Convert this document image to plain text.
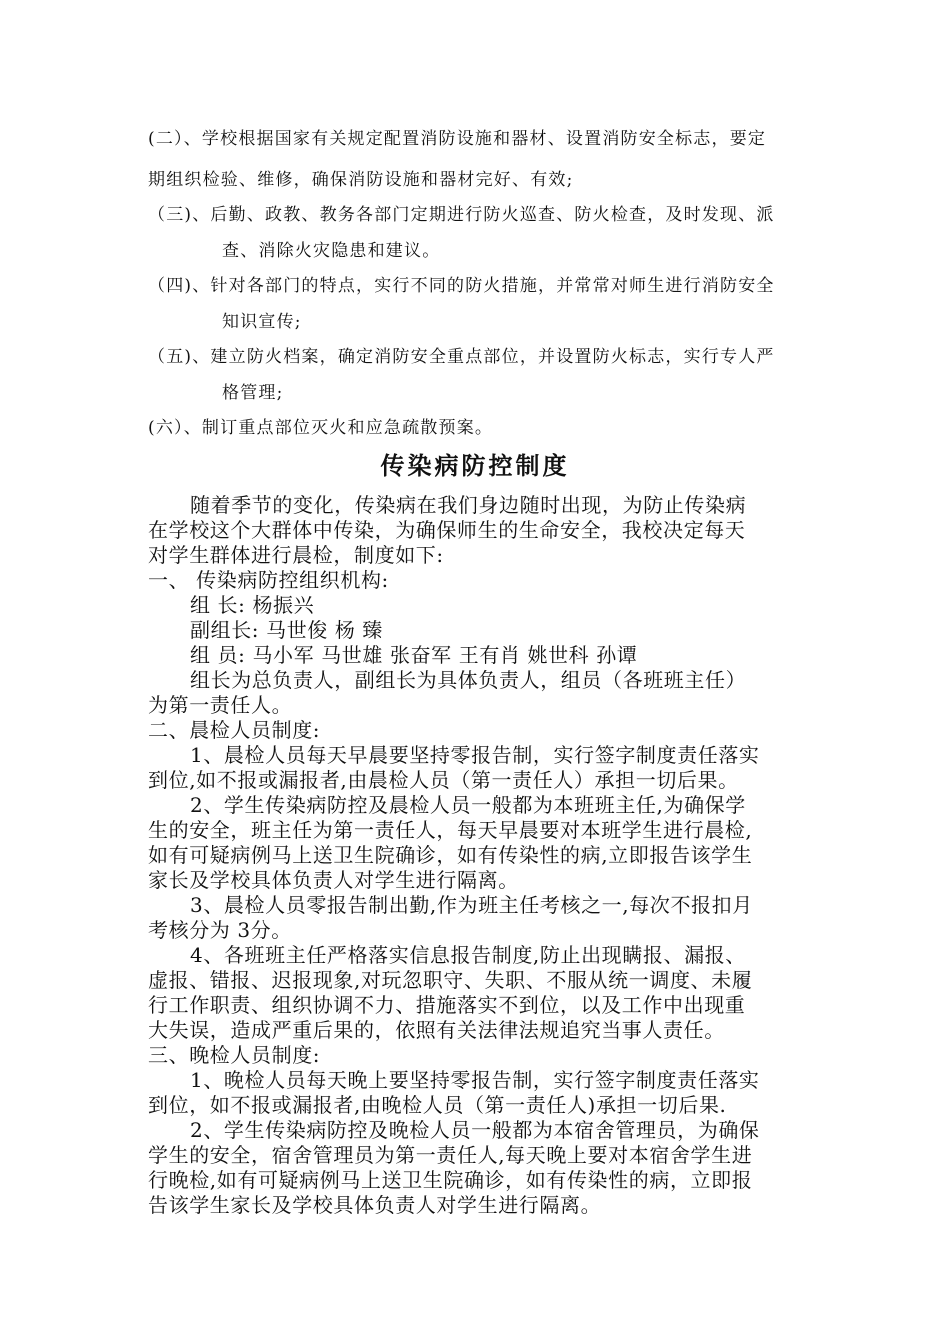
(二）、学校根据国家有关规定配置消防设施和器材、设置消防安全标志，要定

期组织检验、维修，确保消防设施和器材完好、有效;

（三)、后勤、政教、教务各部门定期进行防火巡查、防火检查，及时发现、派

查、消除火灾隐患和建议。

（四)、针对各部门的特点，实行不同的防火措施，并常常对师生进行消防安全

知识宣传;

（五)、建立防火档案，确定消防安全重点部位，并设置防火标志，实行专人严

格管理;

(六）、制订重点部位灭火和应急疏散预案。

传染病防控制度

随着季节的变化，传染病在我们身边随时出现，为防止传染病

在学校这个大群体中传染，为确保师生的生命安全，我校决定每天

对学生群体进行晨检，制度如下:

一、 传染病防控组织机构:

组 长: 杨振兴

副组长: 马世俊 杨 臻

组 员: 马小军 马世雄 张奋军 王有肖 姚世科 孙谭

组长为总负责人，副组长为具体负责人，组员（各班班主任）

为第一责任人。

二、晨检人员制度:

1、晨检人员每天早晨要坚持零报告制，实行签字制度责任落实

到位,如不报或漏报者,由晨检人员（第一责任人）承担一切后果。

2、学生传染病防控及晨检人员一般都为本班班主任,为确保学

生的安全，班主任为第一责任人，每天早晨要对本班学生进行晨检,

如有可疑病例马上送卫生院确诊，如有传染性的病,立即报告该学生

家长及学校具体负责人对学生进行隔离。

3、晨检人员零报告制出勤,作为班主任考核之一,每次不报扣月

考核分为 3分。

4、各班班主任严格落实信息报告制度,防止出现瞒报、漏报、

虚报、错报、迟报现象,对玩忽职守、失职、不服从统一调度、未履

行工作职责、组织协调不力、措施落实不到位，以及工作中出现重

大失误，造成严重后果的，依照有关法律法规追究当事人责任。

三、晚检人员制度:

1、晚检人员每天晚上要坚持零报告制，实行签字制度责任落实

到位，如不报或漏报者,由晚检人员（第一责任人)承担一切后果.

2、学生传染病防控及晚检人员一般都为本宿舍管理员，为确保

学生的安全，宿舍管理员为第一责任人,每天晚上要对本宿舍学生进

行晚检,如有可疑病例马上送卫生院确诊，如有传染性的病，立即报

告该学生家长及学校具体负责人对学生进行隔离。
